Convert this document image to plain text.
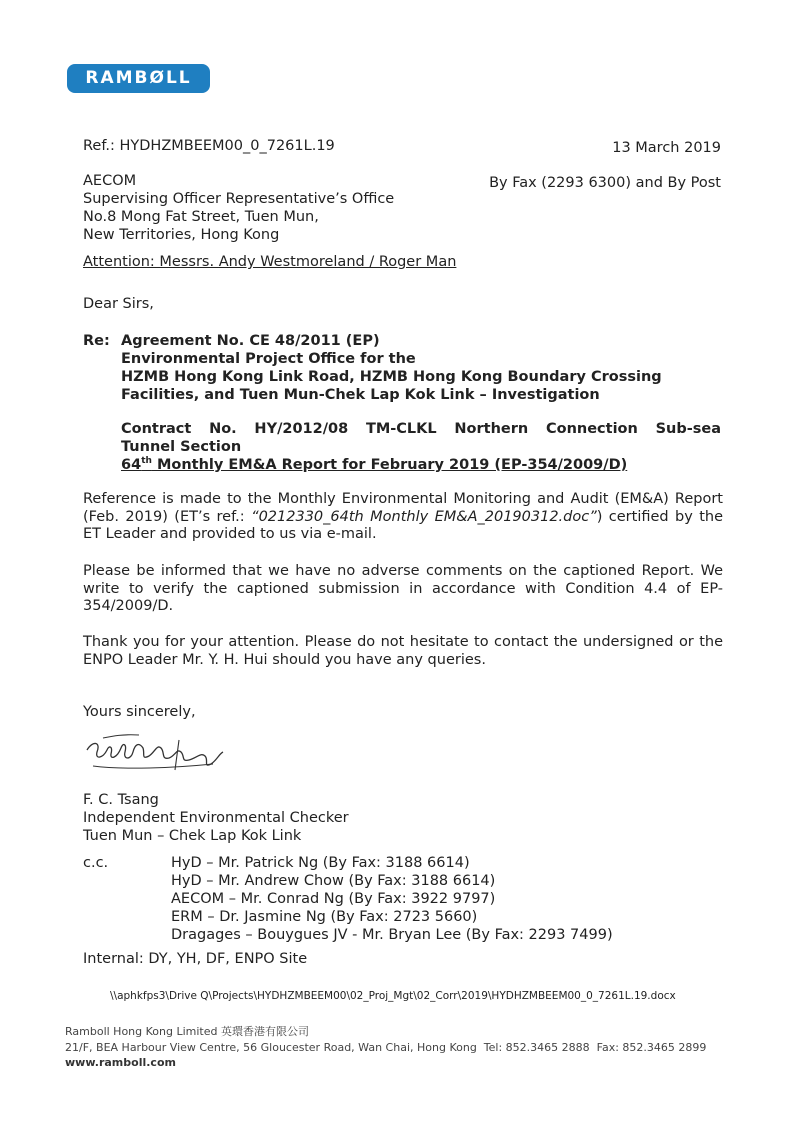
RAMBØLL
Ref.: HYDHZMBEEM00_0_7261L.19	13 March 2019
By Fax (2293 6300) and By Post
AECOM
Supervising Officer Representative’s Office
No.8 Mong Fat Street, Tuen Mun,
New Territories, Hong Kong
Attention: Messrs. Andy Westmoreland / Roger Man
Dear Sirs,
Re: Agreement No. CE 48/2011 (EP)
Environmental Project Office for the
HZMB Hong Kong Link Road, HZMB Hong Kong Boundary Crossing
Facilities, and Tuen Mun-Chek Lap Kok Link – Investigation
Contract No. HY/2012/08 TM-CLKL Northern Connection Sub-sea
Tunnel Section
64th Monthly EM&A Report for February 2019 (EP-354/2009/D)
Reference is made to the Monthly Environmental Monitoring and Audit (EM&A) Report (Feb. 2019) (ET’s ref.: “0212330_64th Monthly EM&A_20190312.doc”) certified by the ET Leader and provided to us via e-mail.
Please be informed that we have no adverse comments on the captioned Report. We write to verify the captioned submission in accordance with Condition 4.4 of EP-354/2009/D.
Thank you for your attention. Please do not hesitate to contact the undersigned or the ENPO Leader Mr. Y. H. Hui should you have any queries.
Yours sincerely,
F. C. Tsang
Independent Environmental Checker
Tuen Mun – Chek Lap Kok Link
c.c.	HyD – Mr. Patrick Ng (By Fax: 3188 6614)
HyD – Mr. Andrew Chow (By Fax: 3188 6614)
AECOM – Mr. Conrad Ng (By Fax: 3922 9797)
ERM – Dr. Jasmine Ng (By Fax: 2723 5660)
Dragages – Bouygues JV - Mr. Bryan Lee (By Fax: 2293 7499)
Internal: DY, YH, DF, ENPO Site
\\aphkfps3\Drive Q\Projects\HYDHZMBEEM00\02_Proj_Mgt\02_Corr\2019\HYDHZMBEEM00_0_7261L.19.docx
Ramboll Hong Kong Limited 英環香港有限公司
21/F, BEA Harbour View Centre, 56 Gloucester Road, Wan Chai, Hong Kong Tel: 852.3465 2888 Fax: 852.3465 2899
www.ramboll.com
